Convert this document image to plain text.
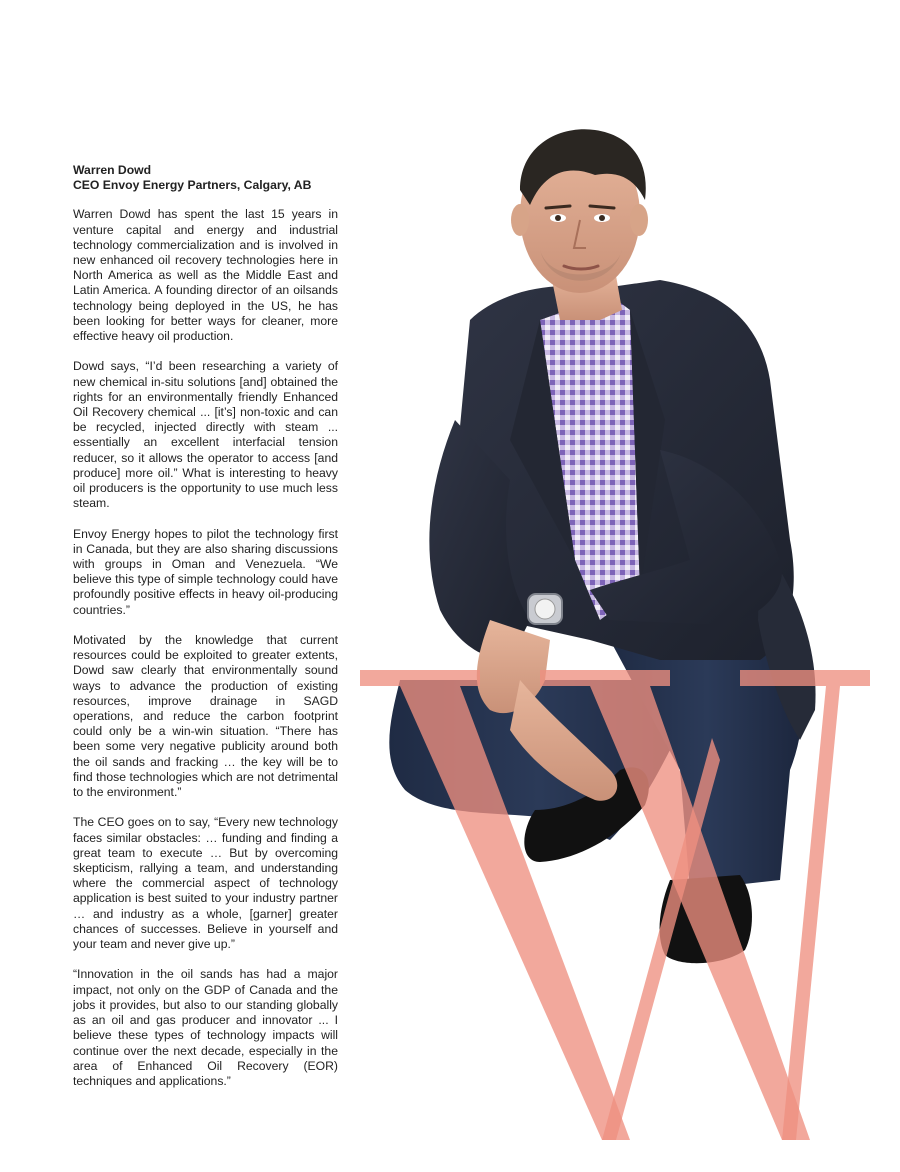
Warren Dowd

CEO Envoy Energy Partners, Calgary, AB

Warren Dowd has spent the last 15 years in venture capital and energy and industrial technology commercialization and is involved in new enhanced oil recovery technologies here in North America as well as the Middle East and Latin America. A founding director of an oilsands technology being deployed in the US, he has been looking for better ways for cleaner, more effective heavy oil production.

Dowd says, “I’d been researching a variety of new chemical in-situ solutions [and] obtained the rights for an environmentally friendly Enhanced Oil Recovery chemical ... [it’s] non-toxic and can be recycled, injected directly with steam ... essentially an excellent interfacial tension reducer, so it allows the operator to access [and produce] more oil.” What is interesting to heavy oil producers is the opportunity to use much less steam.

Envoy Energy hopes to pilot the technology first in Canada, but they are also sharing discussions with groups in Oman and Venezuela. “We believe this type of simple technology could have profoundly positive effects in heavy oil-producing countries.”

Motivated by the knowledge that current resources could be exploited to greater extents, Dowd saw clearly that environmentally sound ways to advance the production of existing resources, improve drainage in SAGD operations, and reduce the carbon footprint could only be a win-win situation. “There has been some very negative publicity around both the oil sands and fracking … the key will be to find those technologies which are not detrimental to the environment.”

The CEO goes on to say, “Every new technology faces similar obstacles: … funding and finding a great team to execute … But by overcoming skepticism, rallying a team, and understanding where the commercial aspect of technology application is best suited to your industry partner … and industry as a whole, [garner] greater chances of successes. Believe in yourself and your team and never give up.”

“Innovation in the oil sands has had a major impact, not only on the GDP of Canada and the jobs it provides, but also to our standing globally as an oil and gas producer and innovator ... I believe these types of technology impacts will continue over the next decade, especially in the area of Enhanced Oil Recovery (EOR) techniques and applications.”
